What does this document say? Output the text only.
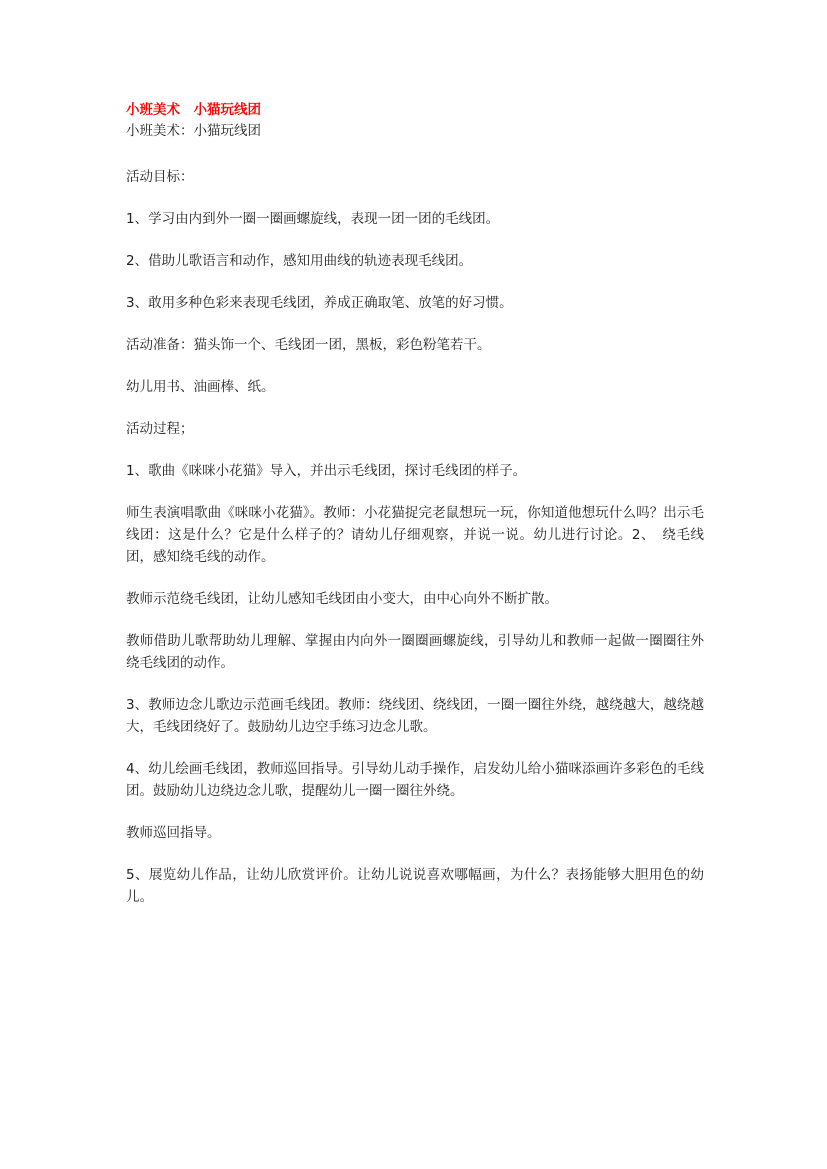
小班美术　小猫玩线团

小班美术：小猫玩线团

活动目标：

1、学习由内到外一圈一圈画螺旋线，表现一团一团的毛线团。

2、借助儿歌语言和动作，感知用曲线的轨迹表现毛线团。

3、敢用多种色彩来表现毛线团，养成正确取笔、放笔的好习惯。

活动准备：猫头饰一个、毛线团一团，黑板，彩色粉笔若干。

幼儿用书、油画棒、纸。

活动过程；

1、歌曲《咪咪小花猫》导入，并出示毛线团，探讨毛线团的样子。

师生表演唱歌曲《咪咪小花猫》。教师：小花猫捉完老鼠想玩一玩，你知道他想玩什么吗？出示毛线团：这是什么？它是什么样子的？请幼儿仔细观察，并说一说。幼儿进行讨论。2、　绕毛线团，感知绕毛线的动作。

教师示范绕毛线团，让幼儿感知毛线团由小变大，由中心向外不断扩散。

教师借助儿歌帮助幼儿理解、掌握由内向外一圈圈画螺旋线，引导幼儿和教师一起做一圈圈往外绕毛线团的动作。

3、教师边念儿歌边示范画毛线团。教师：绕线团、绕线团，一圈一圈往外绕，越绕越大，越绕越大，毛线团绕好了。鼓励幼儿边空手练习边念儿歌。

4、幼儿绘画毛线团，教师巡回指导。引导幼儿动手操作，启发幼儿给小猫咪添画许多彩色的毛线团。鼓励幼儿边绕边念儿歌，提醒幼儿一圈一圈往外绕。

教师巡回指导。

5、展览幼儿作品，让幼儿欣赏评价。让幼儿说说喜欢哪幅画，为什么？表扬能够大胆用色的幼儿。
